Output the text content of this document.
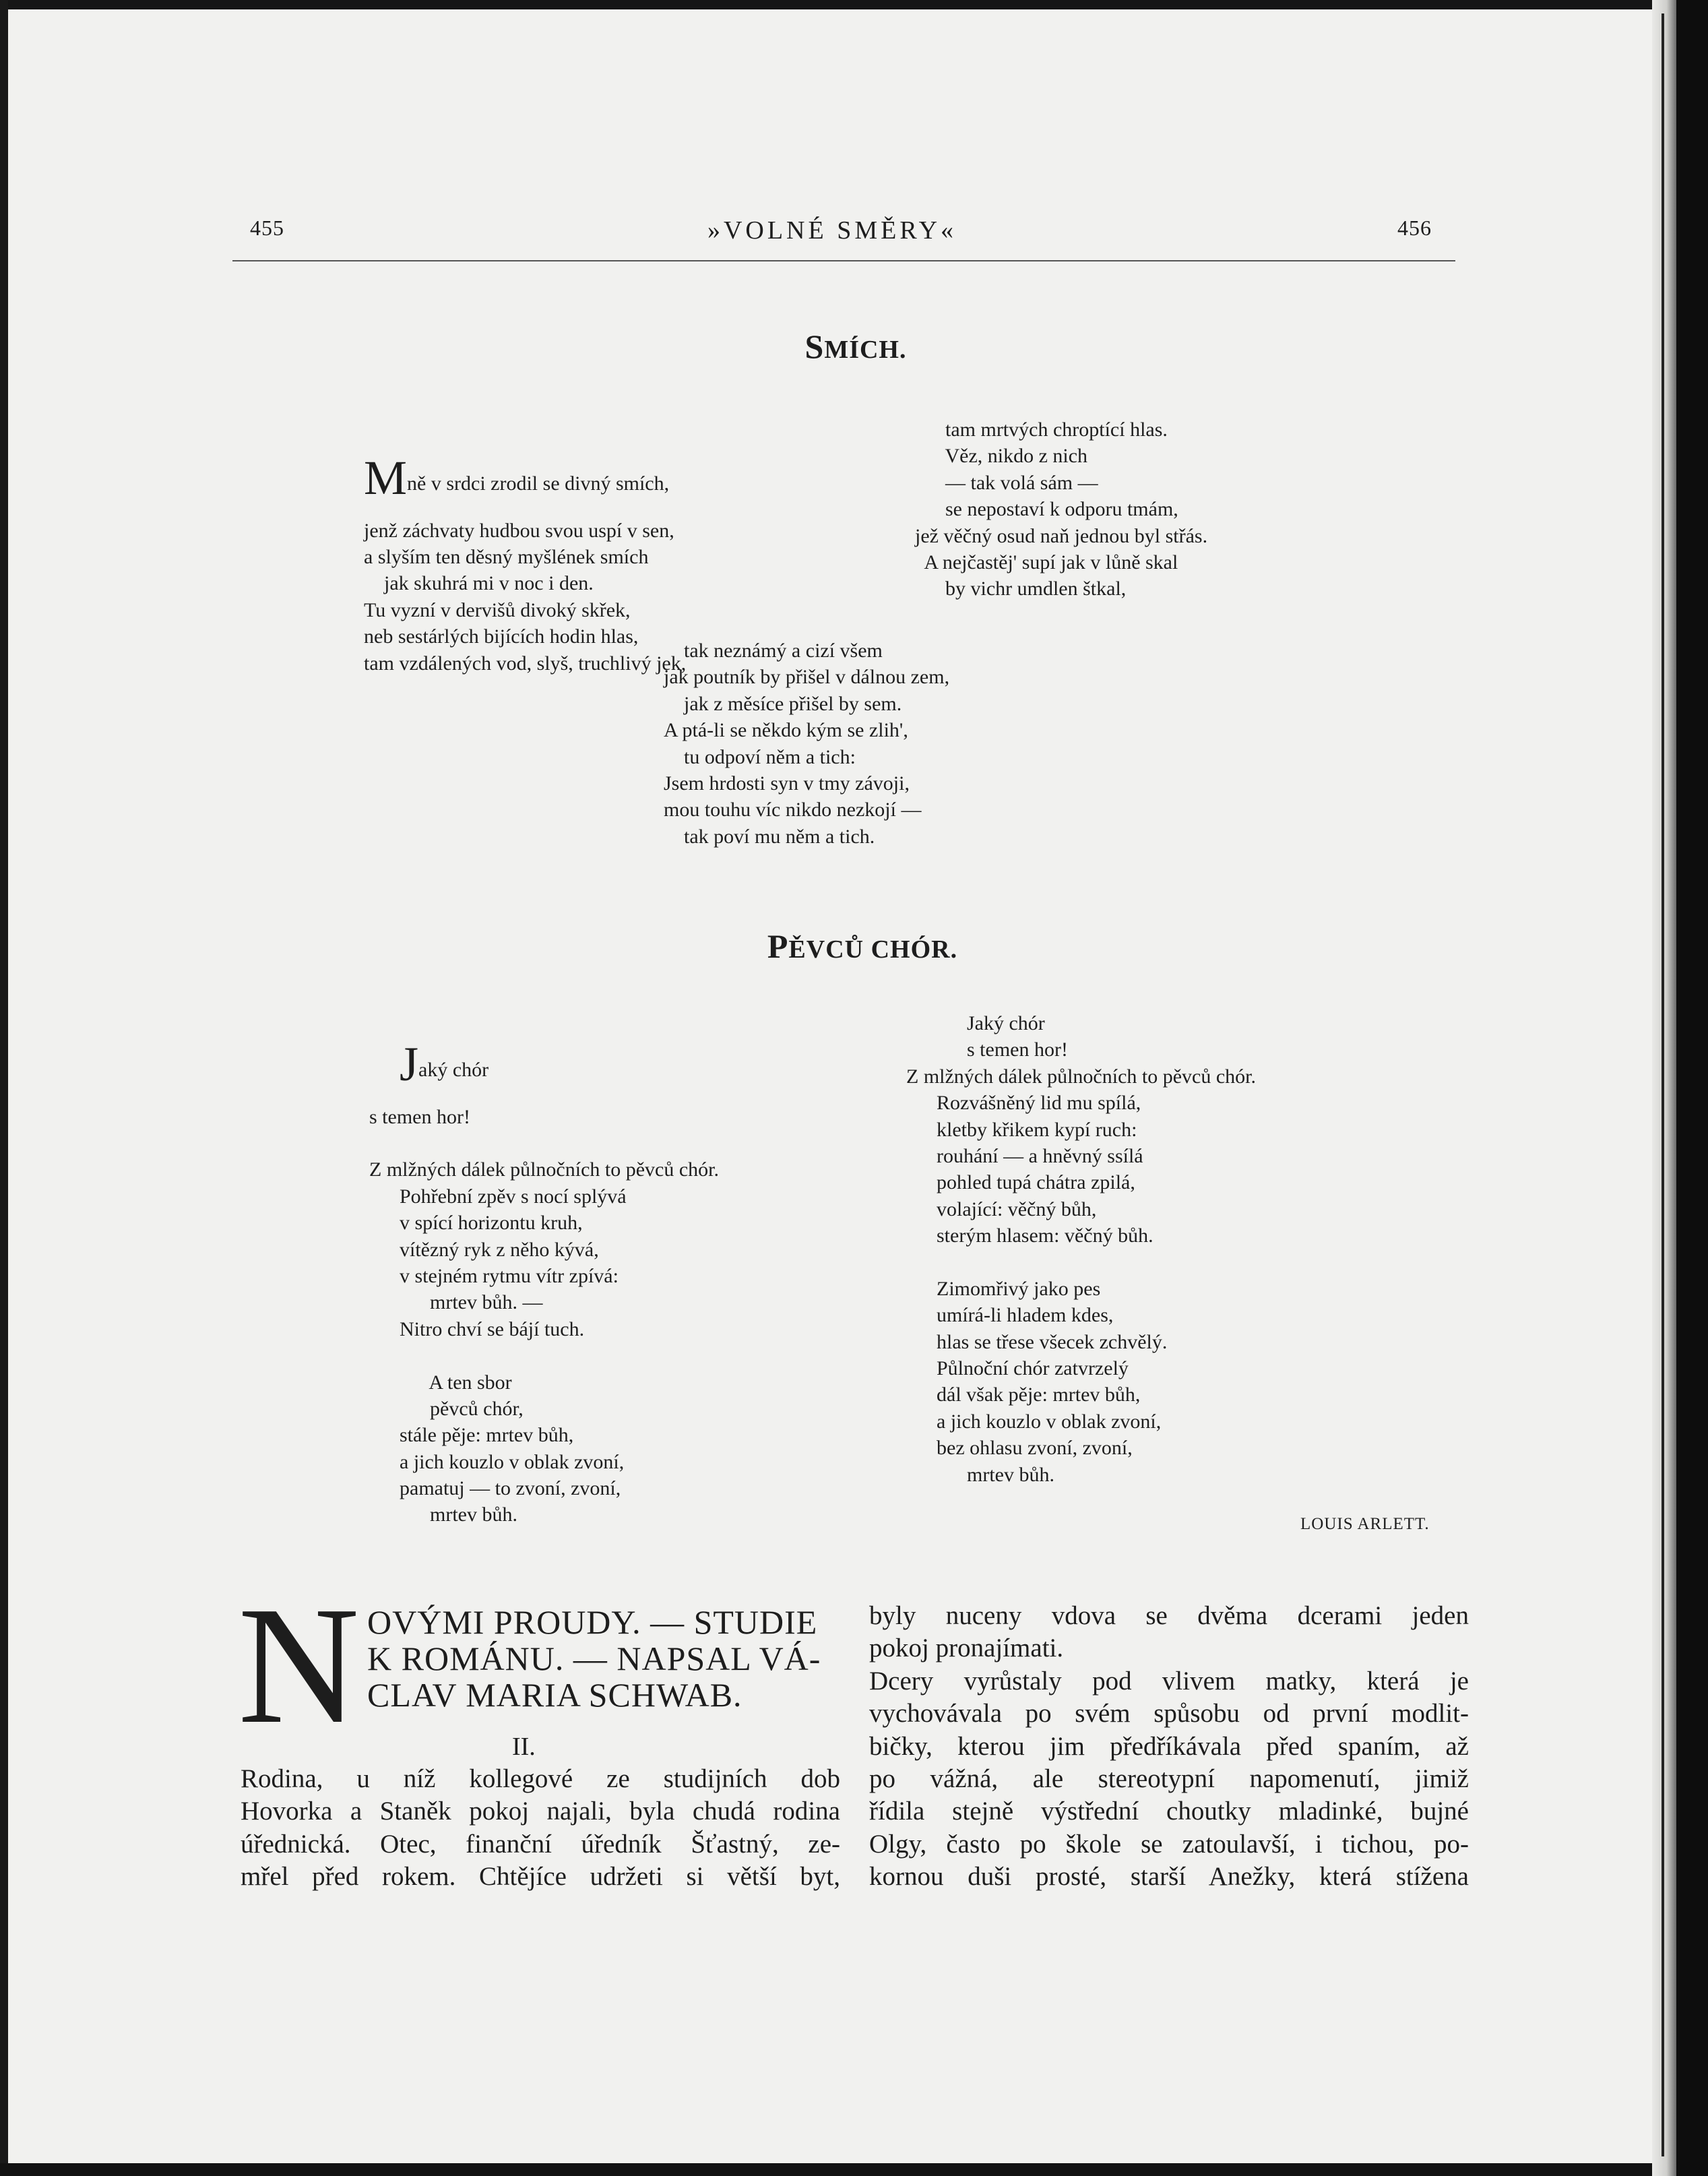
455	»VOLNÉ SMĚRY«	456
SMÍCH.

Mně v srdci zrodil se divný smích,

jenž záchvaty hudbou svou uspí v sen,
a slyším ten děsný myšlének smích
jak skuhrá mi v noc i den.
Tu vyzní v dervišů divoký skřek,
neb sestárlých bijících hodin hlas,
tam vzdálených vod, slyš, truchlivý jek,
tam mrtvých chroptící hlas.
Věz, nikdo z nich
— tak volá sám —
se nepostaví k odporu tmám,
jež věčný osud naň jednou byl střás.
A nejčastěj' supí jak v lůně skal
by vichr umdlen štkal,
tak neznámý a cizí všem
jak poutník by přišel v dálnou zem,
jak z měsíce přišel by sem.
A ptá-li se někdo kým se zlih',
tu odpoví něm a tich:
Jsem hrdosti syn v tmy závoji,
mou touhu víc nikdo nezkojí —
tak poví mu něm a tich.
PĚVCŮ CHÓR.

Jaký chór

s temen hor!
Z mlžných dálek půlnočních to pěvců chór.
Pohřební zpěv s nocí splývá
v spící horizontu kruh,
vítězný ryk z něho kývá,
v stejném rytmu vítr zpívá:
mrtev bůh. —
Nitro chví se bájí tuch.
A ten sbor
pěvců chór,
stále pěje: mrtev bůh,
a jich kouzlo v oblak zvoní,
pamatuj — to zvoní, zvoní,
mrtev bůh.
Jaký chór
s temen hor!
Z mlžných dálek půlnočních to pěvců chór.
Rozvášněný lid mu spílá,
kletby křikem kypí ruch:
rouhání — a hněvný ssílá
pohled tupá chátra zpilá,
volající: věčný bůh,
sterým hlasem: věčný bůh.
Zimomřivý jako pes
umírá-li hladem kdes,
hlas se třese všecek zchvělý.
Půlnoční chór zatvrzelý
dál však pěje: mrtev bůh,
a jich kouzlo v oblak zvoní,
bez ohlasu zvoní, zvoní,
mrtev bůh.
LOUIS ARLETT.
N OVÝMI PROUDY. — STUDIE
K ROMÁNU. — NAPSAL VÁ-
CLAV MARIA SCHWAB.
II.
Rodina, u níž kollegové ze studijních dob
Hovorka a Staněk pokoj najali, byla chudá rodina
úřednická. Otec, finanční úředník Šťastný, ze-
mřel před rokem. Chtějíce udržeti si větší byt,
byly nuceny vdova se dvěma dcerami jeden
pokoj pronajímati.
Dcery vyrůstaly pod vlivem matky, která je
vychovávala po svém spůsobu od první modlit-
bičky, kterou jim předříkávala před spaním, až
po vážná, ale stereotypní napomenutí, jimiž
řídila stejně výstřední choutky mladinké, bujné
Olgy, často po škole se zatoulavší, i tichou, po-
kornou duši prosté, starší Anežky, která stížena
